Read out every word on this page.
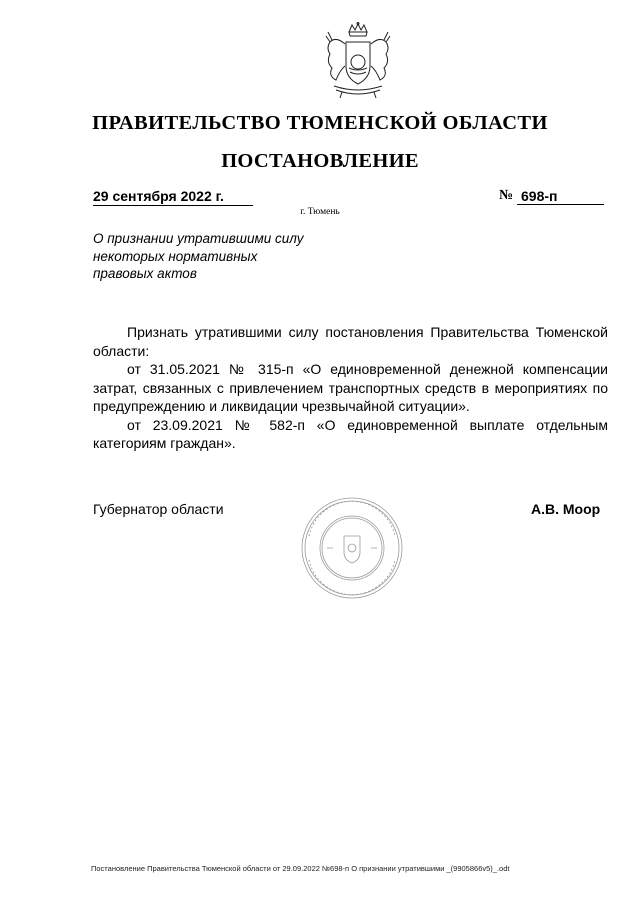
ПРАВИТЕЛЬСТВО ТЮМЕНСКОЙ ОБЛАСТИ
ПОСТАНОВЛЕНИЕ
29 сентября 2022 г.	№ 698-п
г. Тюмень
О признании утратившими силу
некоторых нормативных
правовых актов

Признать утратившими силу постановления Правительства Тюменской области:

от 31.05.2021 № 315-п «О единовременной денежной компенсации затрат, связанных с привлечением транспортных средств в мероприятиях по предупреждению и ликвидации чрезвычайной ситуации».

от 23.09.2021 № 582-п «О единовременной выплате отдельным категориям граждан».

Губернатор области	А.В. Моор
Постановление Правительства Тюменской области от 29.09.2022 №698-п О признании утратившими _(9905866v5)_.odt
